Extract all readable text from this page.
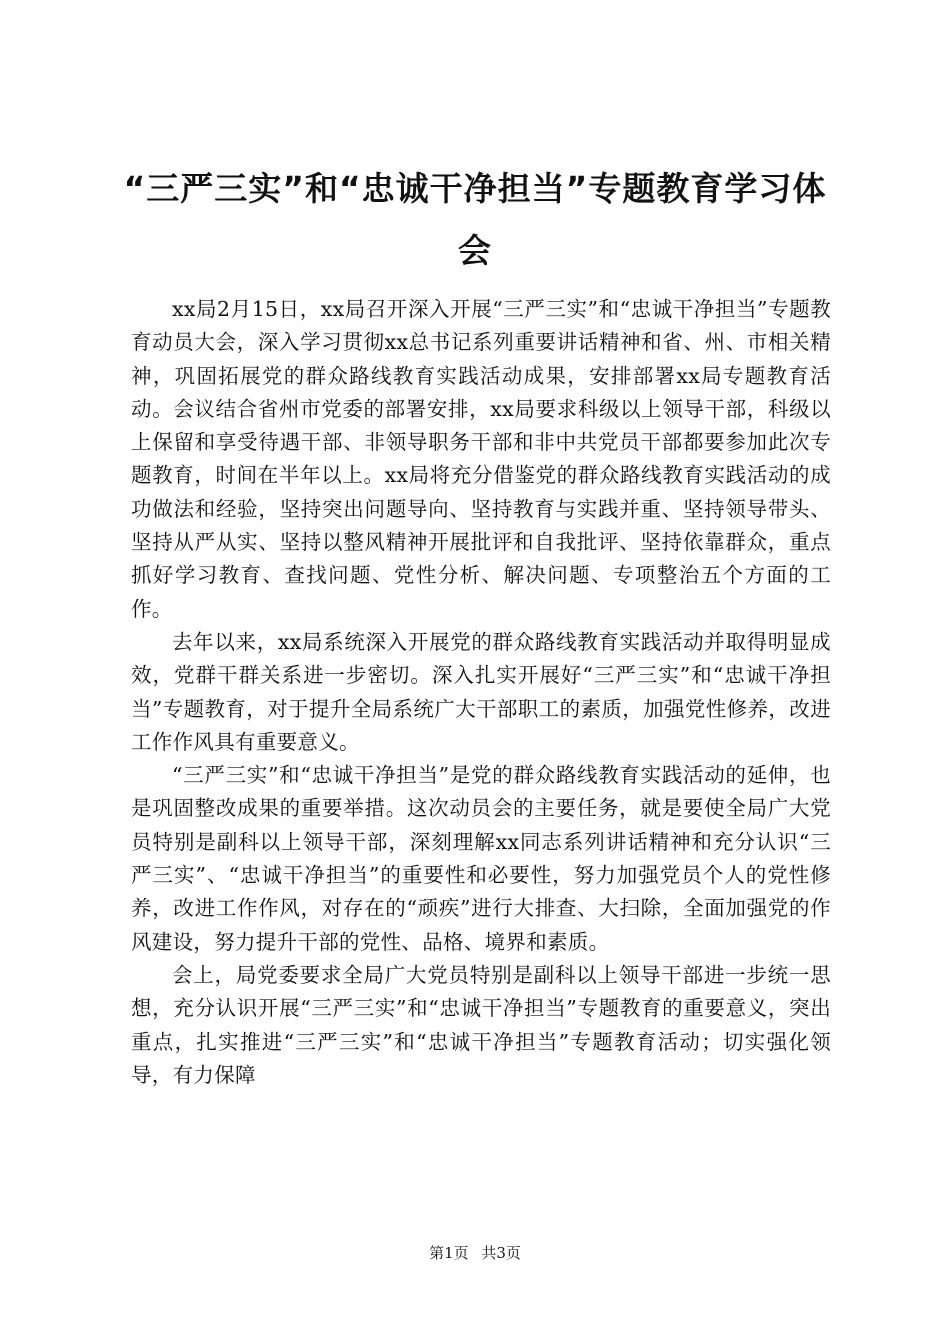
“三严三实”和“忠诚干净担当”专题教育学习体会

xx局2月15日，xx局召开深入开展“三严三实”和“忠诚干净担当”专题教育动员大会，深入学习贯彻xx总书记系列重要讲话精神和省、州、市相关精神，巩固拓展党的群众路线教育实践活动成果，安排部署xx局专题教育活动。会议结合省州市党委的部署安排，xx局要求科级以上领导干部，科级以上保留和享受待遇干部、非领导职务干部和非中共党员干部都要参加此次专题教育，时间在半年以上。xx局将充分借鉴党的群众路线教育实践活动的成功做法和经验，坚持突出问题导向、坚持教育与实践并重、坚持领导带头、坚持从严从实、坚持以整风精神开展批评和自我批评、坚持依靠群众，重点抓好学习教育、查找问题、党性分析、解决问题、专项整治五个方面的工作。

去年以来，xx局系统深入开展党的群众路线教育实践活动并取得明显成效，党群干群关系进一步密切。深入扎实开展好“三严三实”和“忠诚干净担当”专题教育，对于提升全局系统广大干部职工的素质，加强党性修养，改进工作作风具有重要意义。

“三严三实”和“忠诚干净担当”是党的群众路线教育实践活动的延伸，也是巩固整改成果的重要举措。这次动员会的主要任务，就是要使全局广大党员特别是副科以上领导干部，深刻理解xx同志系列讲话精神和充分认识“三严三实”、“忠诚干净担当”的重要性和必要性，努力加强党员个人的党性修养，改进工作作风，对存在的“顽疾”进行大排查、大扫除，全面加强党的作风建设，努力提升干部的党性、品格、境界和素质。

会上，局党委要求全局广大党员特别是副科以上领导干部进一步统一思想，充分认识开展“三严三实”和“忠诚干净担当”专题教育的重要意义，突出重点，扎实推进“三严三实”和“忠诚干净担当”专题教育活动；切实强化领导，有力保障

第1页 共3页
